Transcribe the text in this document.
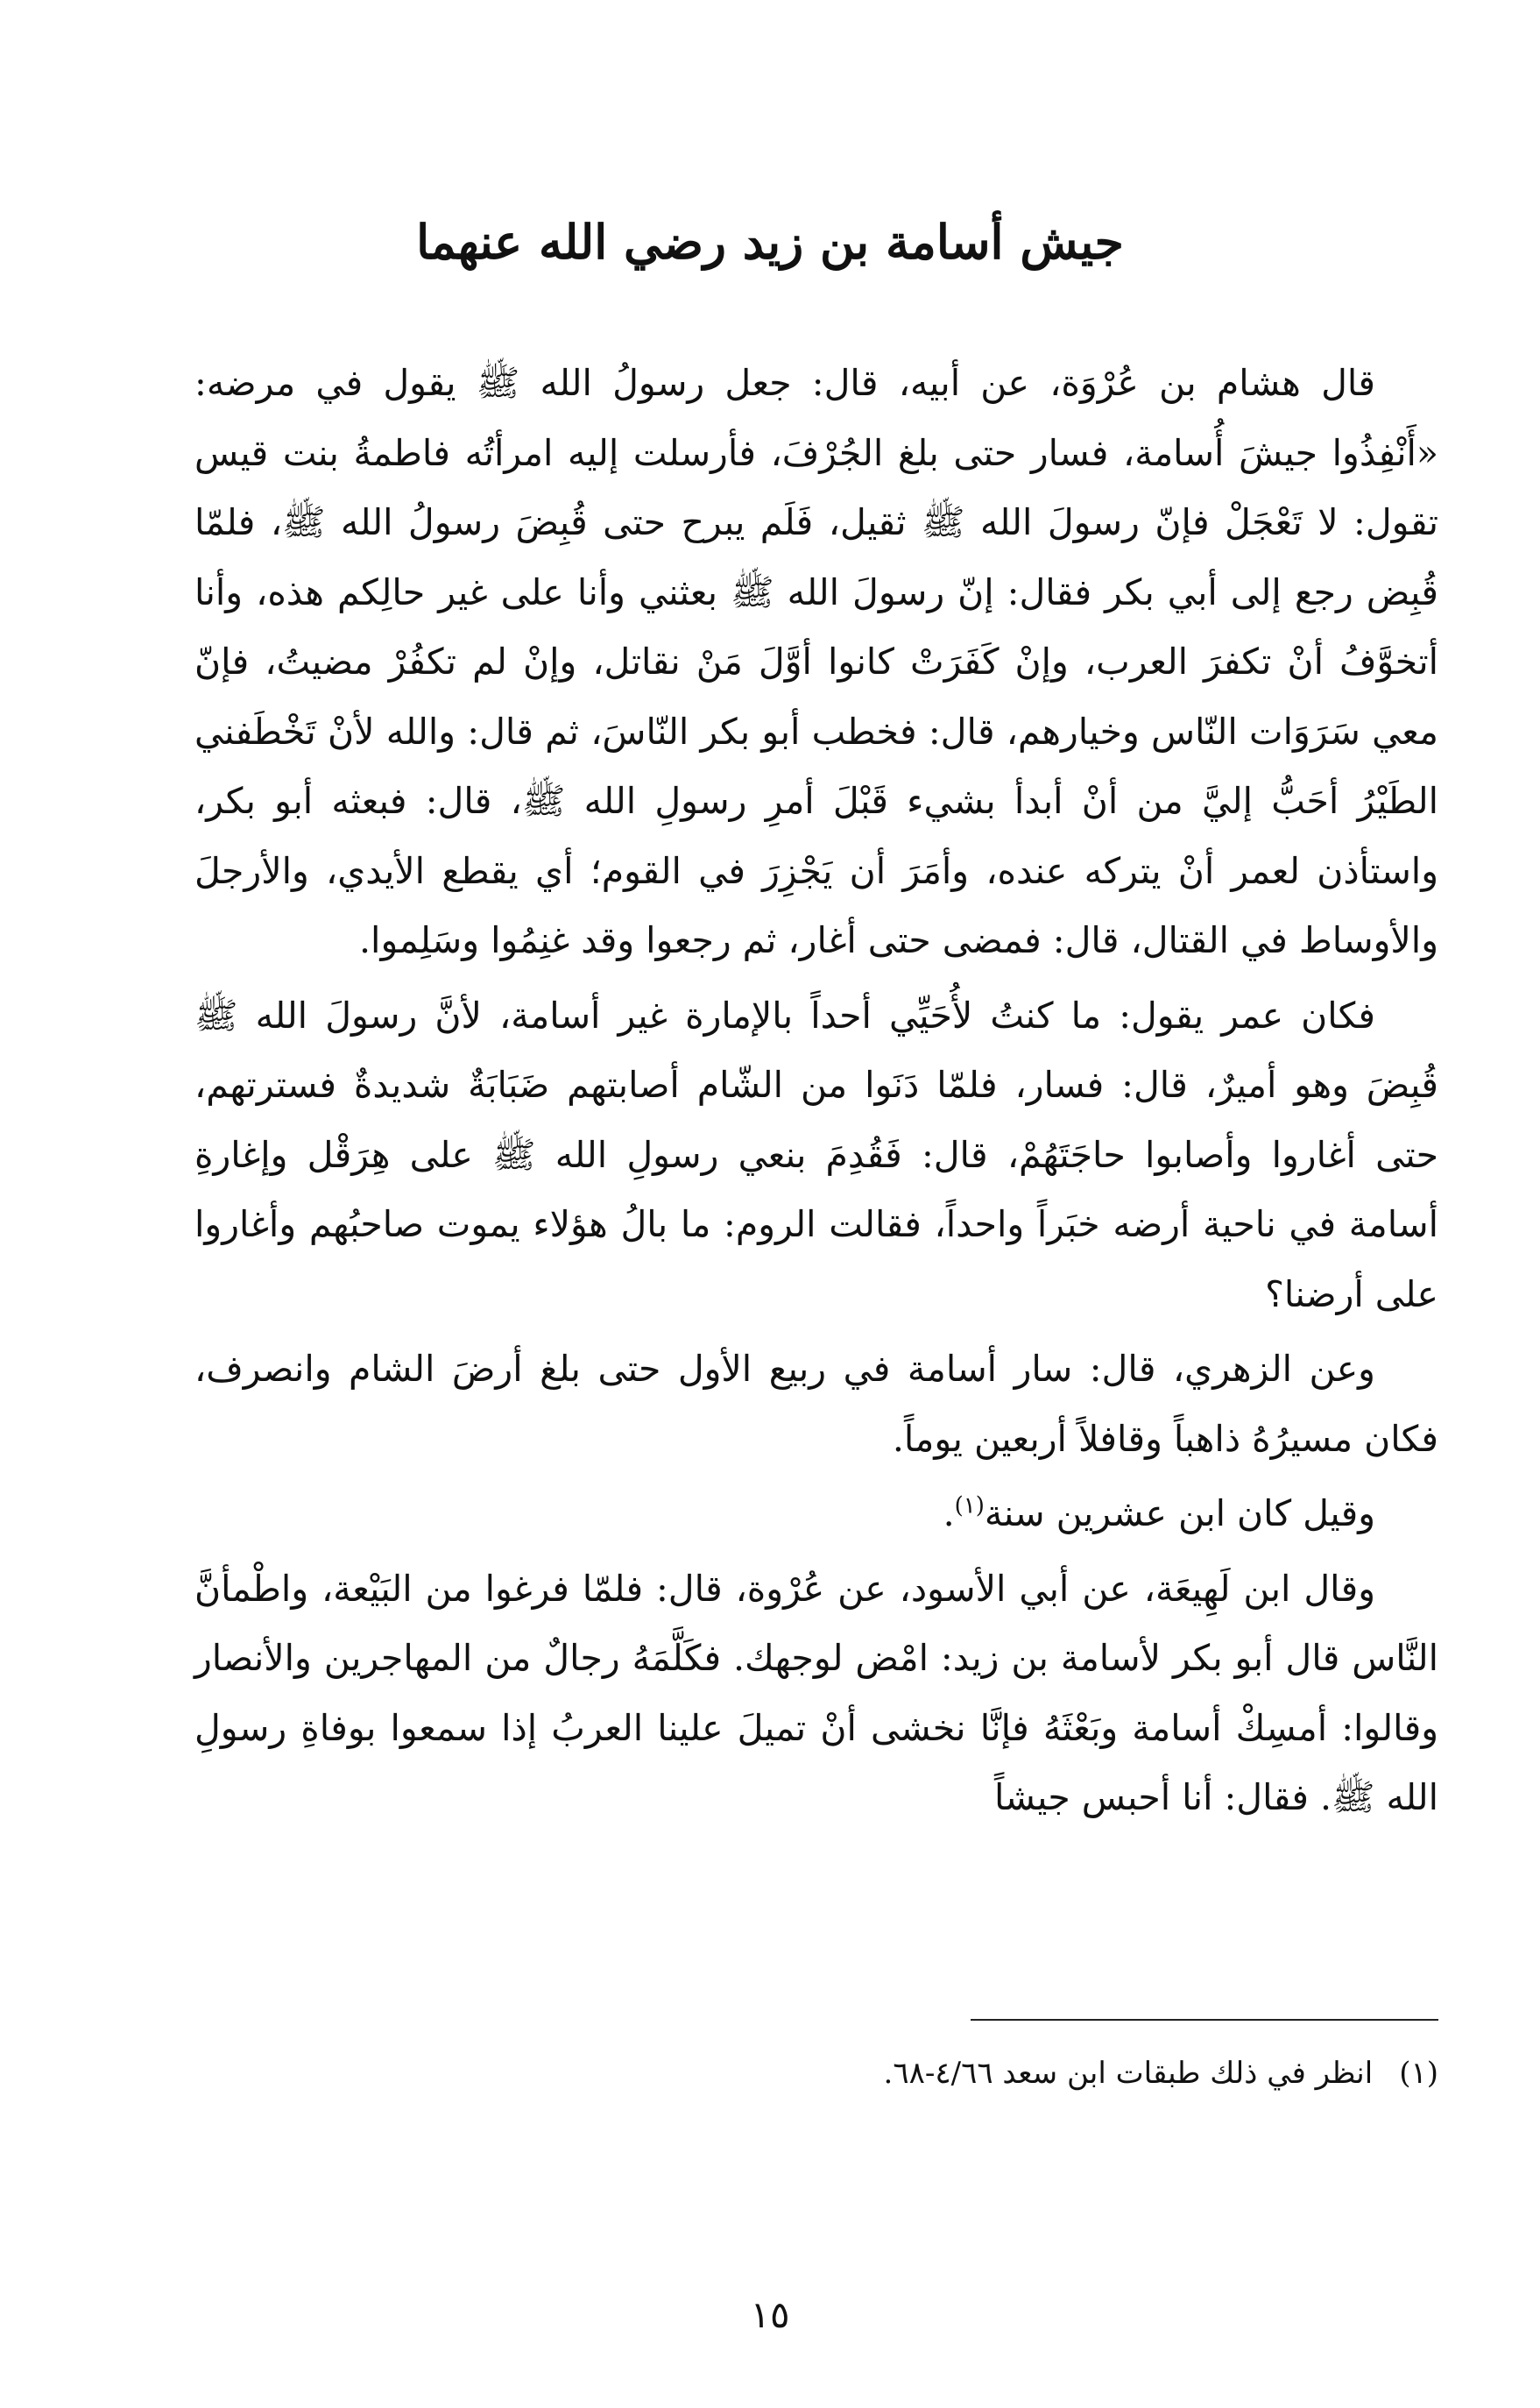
جيش أسامة بن زيد رضي الله عنهما

قال هشام بن عُرْوَة، عن أبيه، قال: جعل رسولُ الله ﷺ يقول في مرضه: «أَنْفِذُوا جيشَ أُسامة، فسار حتى بلغ الجُرْفَ، فأرسلت إليه امرأتُه فاطمةُ بنت قيس تقول: لا تَعْجَلْ فإنّ رسولَ الله ﷺ ثقيل، فَلَم يبرح حتى قُبِضَ رسولُ الله ﷺ، فلمّا قُبِض رجع إلى أبي بكر فقال: إنّ رسولَ الله ﷺ بعثني وأنا على غير حالِكم هذه، وأنا أتخوَّفُ أنْ تكفرَ العرب، وإنْ كَفَرَتْ كانوا أوَّلَ مَنْ نقاتل، وإنْ لم تكفُرْ مضيتُ، فإنّ معي سَرَوَات النّاس وخيارهم، قال: فخطب أبو بكر النّاسَ، ثم قال: والله لأنْ تَخْطَفني الطَيْرُ أحَبُّ إليَّ من أنْ أبدأ بشيء قَبْلَ أمرِ رسولِ الله ﷺ، قال: فبعثه أبو بكر، واستأذن لعمر أنْ يتركه عنده، وأمَرَ أن يَجْزِرَ في القوم؛ أي يقطع الأيدي، والأرجلَ والأوساط في القتال، قال: فمضى حتى أغار، ثم رجعوا وقد غنِمُوا وسَلِموا.

فكان عمر يقول: ما كنتُ لأُحَيِّي أحداً بالإمارة غير أسامة، لأنَّ رسولَ الله ﷺ قُبِضَ وهو أميرٌ، قال: فسار، فلمّا دَنَوا من الشّام أصابتهم ضَبَابَةٌ شديدةٌ فسترتهم، حتى أغاروا وأصابوا حاجَتَهُمْ، قال: فَقُدِمَ بنعي رسولِ الله ﷺ على هِرَقْل وإغارةِ أسامة في ناحية أرضه خبَراً واحداً، فقالت الروم: ما بالُ هؤلاء يموت صاحبُهم وأغاروا على أرضنا؟

وعن الزهري، قال: سار أسامة في ربيع الأول حتى بلغ أرضَ الشام وانصرف، فكان مسيرُهُ ذاهباً وقافلاً أربعين يوماً.

وقيل كان ابن عشرين سنة$^{(١)}$.

وقال ابن لَهِيعَة، عن أبي الأسود، عن عُرْوة، قال: فلمّا فرغوا من البَيْعة، واطْمأنَّ النَّاس قال أبو بكر لأسامة بن زيد: امْض لوجهك. فكَلَّمَهُ رجالٌ من المهاجرين والأنصار وقالوا: أمسِكْ أسامة وبَعْثَهُ فإنَّا نخشى أنْ تميلَ علينا العربُ إذا سمعوا بوفاةِ رسولِ الله ﷺ. فقال: أنا أحبس جيشاً

(١)انظر في ذلك طبقات ابن سعد ٤/٦٦-٦٨.
١٥
